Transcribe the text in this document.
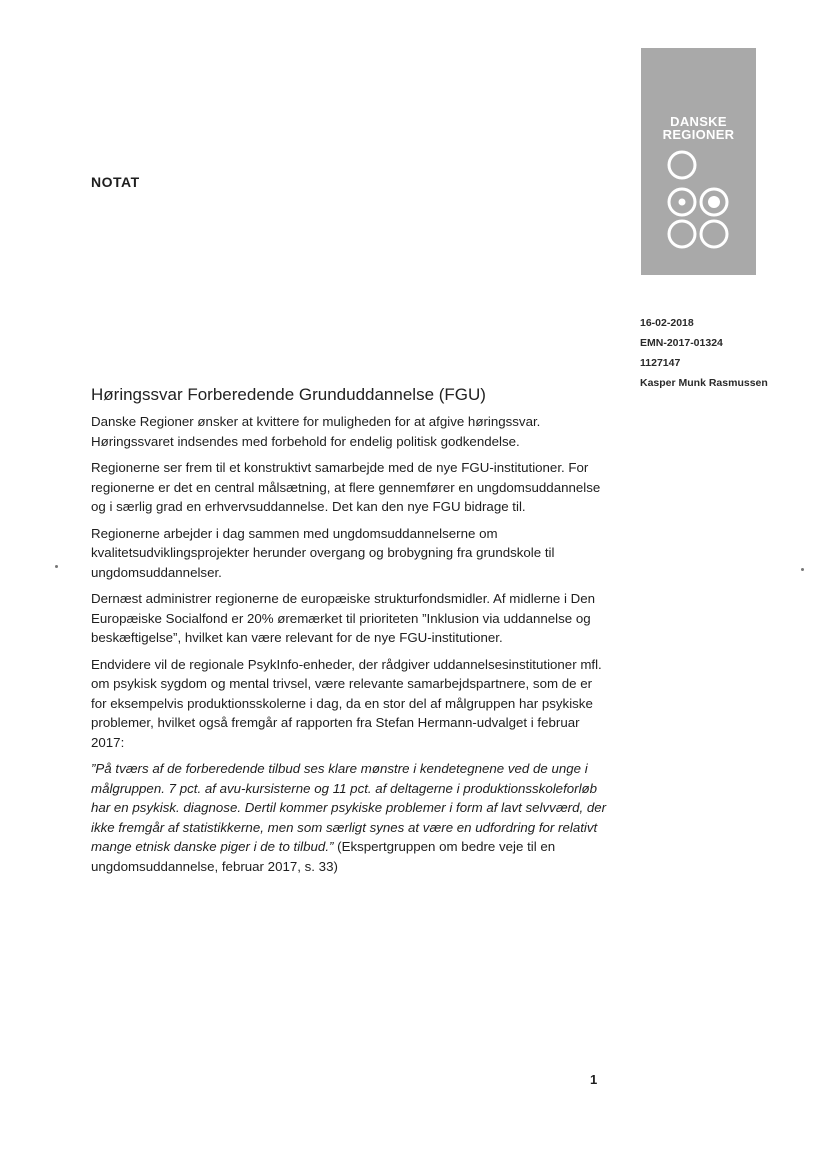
NOTAT
DANSKE
REGIONER
16-02-2018
EMN-2017-01324
1127147
Kasper Munk Rasmussen
Høringssvar Forberedende Grunduddannelse (FGU)

Danske Regioner ønsker at kvittere for muligheden for at afgive høringssvar. Høringssvaret indsendes med forbehold for endelig politisk godkendelse.

Regionerne ser frem til et konstruktivt samarbejde med de nye FGU-institutioner. For regionerne er det en central målsætning, at flere gennemfører en ungdomsuddannelse og i særlig grad en erhvervsuddannelse. Det kan den nye FGU bidrage til.

Regionerne arbejder i dag sammen med ungdomsuddannelserne om kvalitetsudviklingsprojekter herunder overgang og brobygning fra grundskole til ungdomsuddannelser.

Dernæst administrer regionerne de europæiske strukturfondsmidler. Af midlerne i Den Europæiske Socialfond er 20% øremærket til prioriteten ”Inklusion via uddannelse og beskæftigelse”, hvilket kan være relevant for de nye FGU-institutioner.

Endvidere vil de regionale PsykInfo-enheder, der rådgiver uddannelsesinstitutioner mfl. om psykisk sygdom og mental trivsel, være relevante samarbejdspartnere, som de er for eksempelvis produktionsskolerne i dag, da en stor del af målgruppen har psykiske problemer, hvilket også fremgår af rapporten fra Stefan Hermann-udvalget i februar 2017:

”På tværs af de forberedende tilbud ses klare mønstre i kendetegnene ved de unge i målgruppen. 7 pct. af avu-kursisterne og 11 pct. af deltagerne i produktionsskoleforløb har en psykisk. diagnose. Dertil kommer psykiske problemer i form af lavt selvværd, der ikke fremgår af statistikkerne, men som særligt synes at være en udfordring for relativt mange etnisk danske piger i de to tilbud.” (Ekspertgruppen om bedre veje til en ungdomsuddannelse, februar 2017, s. 33)

1
